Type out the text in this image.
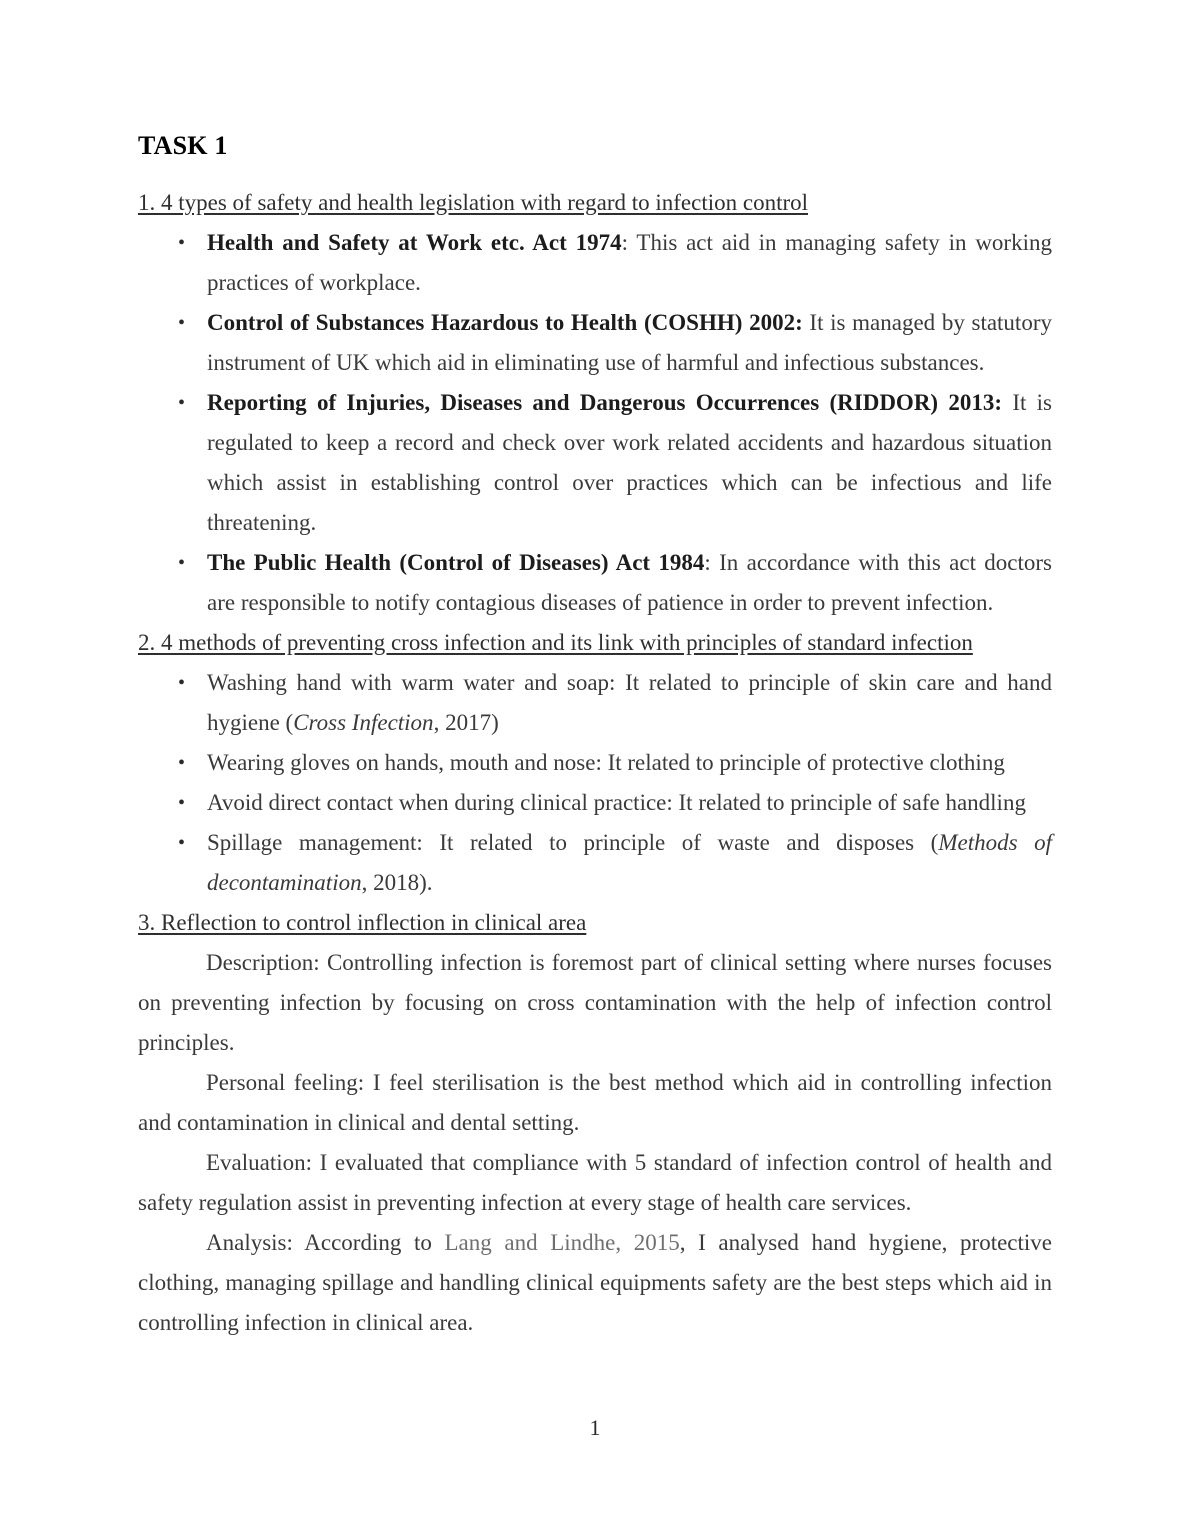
TASK 1
1. 4 types of safety and health legislation with regard to infection control
• Health and Safety at Work etc. Act 1974: This act aid in managing safety in working practices of workplace.
• Control of Substances Hazardous to Health (COSHH) 2002: It is managed by statutory instrument of UK which aid in eliminating use of harmful and infectious substances.
• Reporting of Injuries, Diseases and Dangerous Occurrences (RIDDOR) 2013: It is regulated to keep a record and check over work related accidents and hazardous situation which assist in establishing control over practices which can be infectious and life threatening.
• The Public Health (Control of Diseases) Act 1984: In accordance with this act doctors are responsible to notify contagious diseases of patience in order to prevent infection.
2. 4 methods of preventing cross infection and its link with principles of standard infection
• Washing hand with warm water and soap: It related to principle of skin care and hand hygiene (Cross Infection, 2017)
• Wearing gloves on hands, mouth and nose: It related to principle of protective clothing
• Avoid direct contact when during clinical practice: It related to principle of safe handling
• Spillage management: It related to principle of waste and disposes (Methods of decontamination, 2018).
3. Reflection to control inflection in clinical area

Description: Controlling infection is foremost part of clinical setting where nurses focuses on preventing infection by focusing on cross contamination with the help of infection control principles.

Personal feeling: I feel sterilisation is the best method which aid in controlling infection and contamination in clinical and dental setting.

Evaluation: I evaluated that compliance with 5 standard of infection control of health and safety regulation assist in preventing infection at every stage of health care services.

Analysis: According to Lang and Lindhe, 2015, I analysed hand hygiene, protective clothing, managing spillage and handling clinical equipments safety are the best steps which aid in controlling infection in clinical area.

1
